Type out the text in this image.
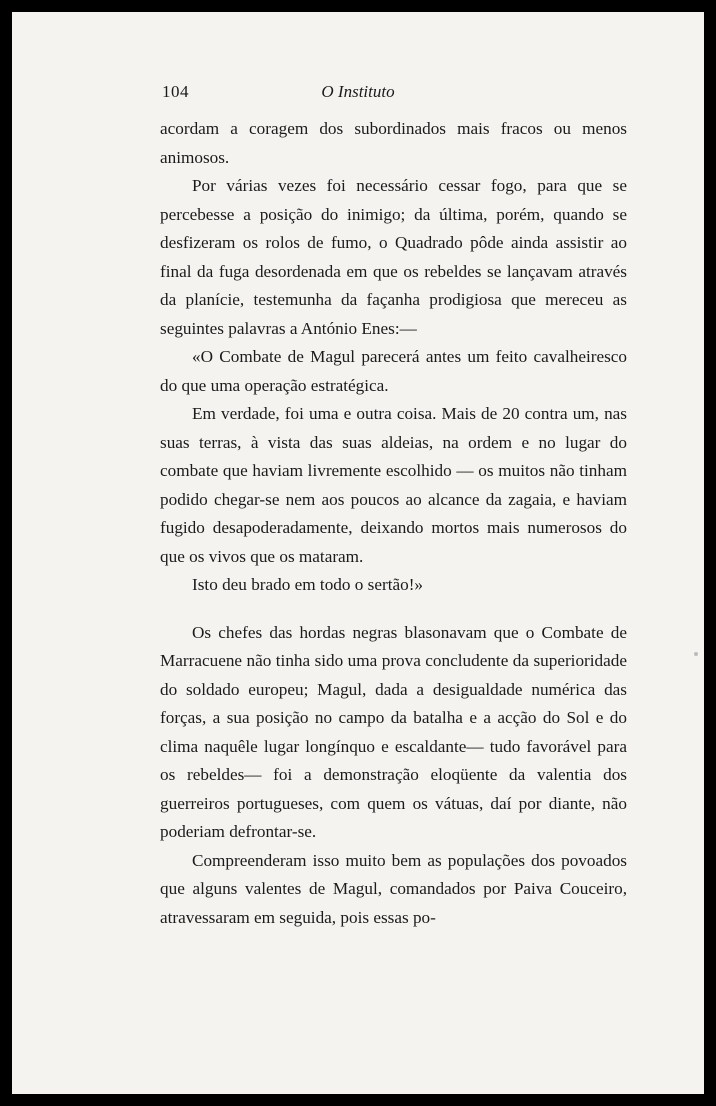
104	O Instituto

acordam a coragem dos subordinados mais fracos ou menos animosos.

Por várias vezes foi necessário cessar fogo, para que se percebesse a posição do inimigo; da última, porém, quando se desfizeram os rolos de fumo, o Quadrado pôde ainda assistir ao final da fuga desordenada em que os rebeldes se lançavam através da planície, testemunha da façanha prodigiosa que mereceu as seguintes palavras a António Enes:—

«O Combate de Magul parecerá antes um feito cavalheiresco do que uma operação estratégica.

Em verdade, foi uma e outra coisa. Mais de 20 contra um, nas suas terras, à vista das suas aldeias, na ordem e no lugar do combate que haviam livremente escolhido — os muitos não tinham podido chegar-se nem aos poucos ao alcance da zagaia, e haviam fugido desapoderadamente, deixando mortos mais numerosos do que os vivos que os mataram.

Isto deu brado em todo o sertão!»

Os chefes das hordas negras blasonavam que o Combate de Marracuene não tinha sido uma prova concludente da superioridade do soldado europeu; Magul, dada a desigualdade numérica das forças, a sua posição no campo da batalha e a acção do Sol e do clima naquêle lugar longínquo e escaldante— tudo favorável para os rebeldes— foi a demonstração eloqüente da valentia dos guerreiros portugueses, com quem os vátuas, daí por diante, não poderiam defrontar-se.

Compreenderam isso muito bem as populações dos povoados que alguns valentes de Magul, comandados por Paiva Couceiro, atravessaram em seguida, pois essas po-
